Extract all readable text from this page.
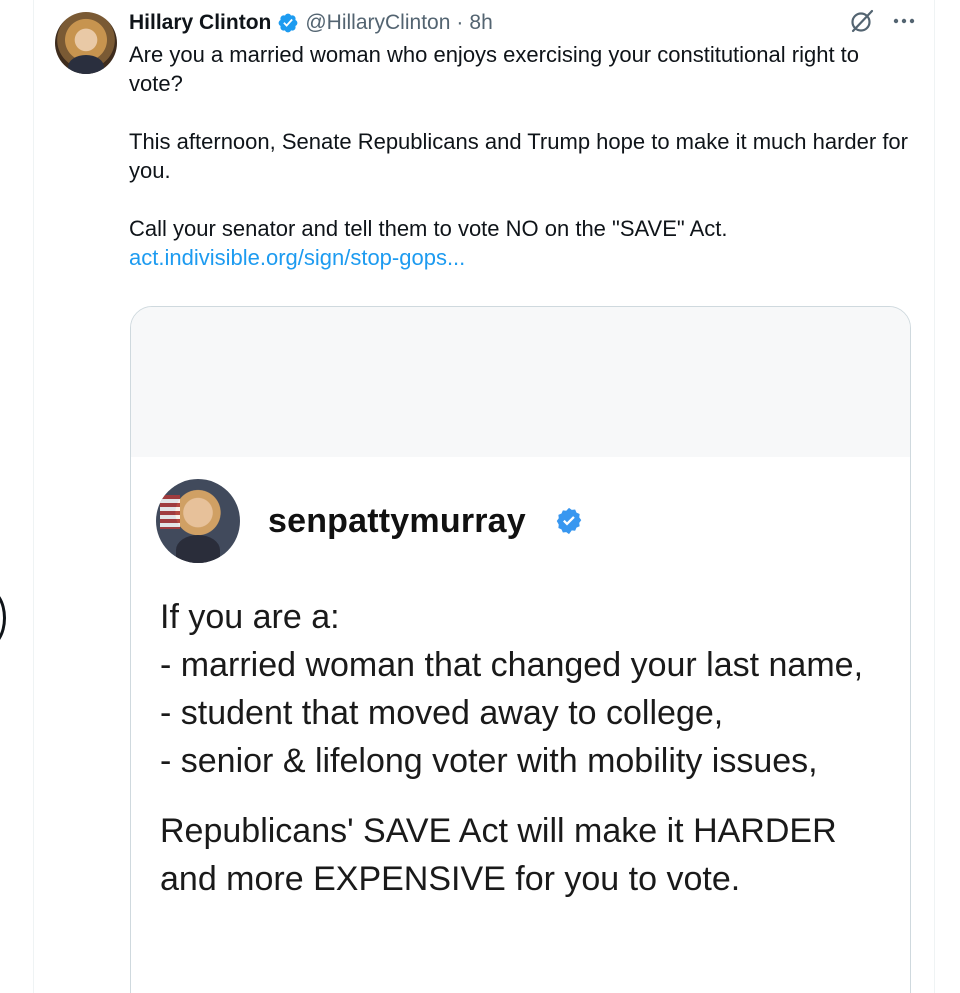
Hillary Clinton @HillaryClinton · 8h

Are you a married woman who enjoys exercising your constitutional right to vote?

This afternoon, Senate Republicans and Trump hope to make it much harder for you.

Call your senator and tell them to vote NO on the "SAVE" Act.

act.indivisible.org/sign/stop-gops...
senpattymurray
If you are a:
- married woman that changed your last name,
- student that moved away to college,
- senior & lifelong voter with mobility issues,
Republicans' SAVE Act will make it HARDER
and more EXPENSIVE for you to vote.
